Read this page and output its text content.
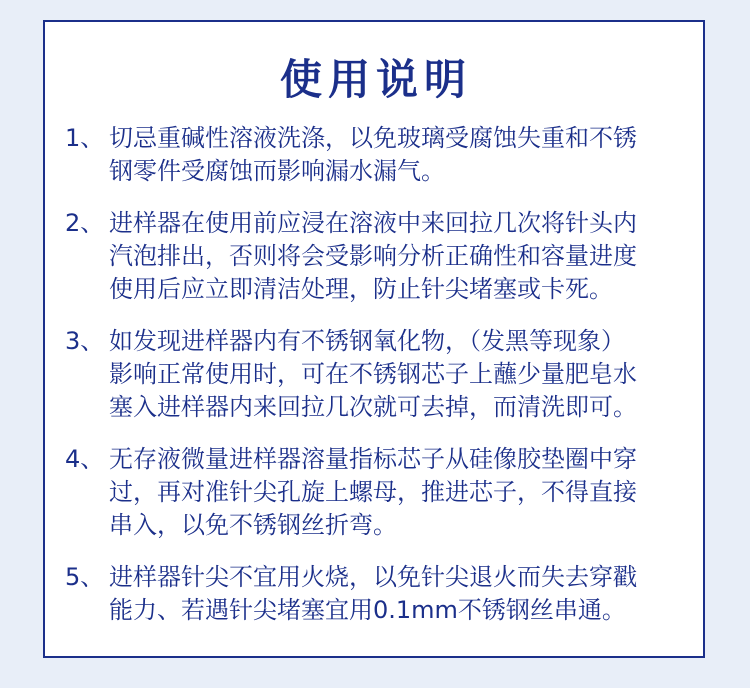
使用说明
1、 切忌重碱性溶液洗涤，以免玻璃受腐蚀失重和不锈
钢零件受腐蚀而影响漏水漏气。
2、 进样器在使用前应浸在溶液中来回拉几次将针头内
汽泡排出，否则将会受影响分析正确性和容量进度
使用后应立即清洁处理，防止针尖堵塞或卡死。
3、 如发现进样器内有不锈钢氧化物，（发黑等现象）
影响正常使用时，可在不锈钢芯子上蘸少量肥皂水
塞入进样器内来回拉几次就可去掉，而清洗即可。
4、 无存液微量进样器溶量指标芯子从硅像胶垫圈中穿
过，再对准针尖孔旋上螺母，推进芯子，不得直接
串入，以免不锈钢丝折弯。
5、 进样器针尖不宜用火烧，以免针尖退火而失去穿戳
能力、若遇针尖堵塞宜用0.1mm不锈钢丝串通。
